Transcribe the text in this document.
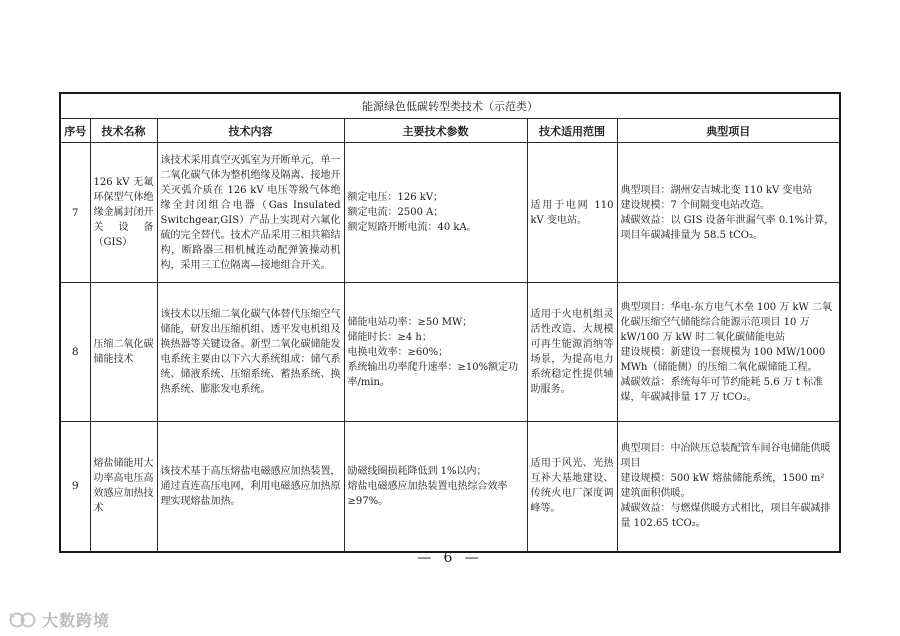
能源绿色低碳转型类技术（示范类）					
序号	技术名称	技术内容	主要技术参数	技术适用范围	典型项目
7	126 kV 无氟环保型气体绝缘金属封闭开关设备（GIS）	该技术采用真空灭弧室为开断单元，单一二氧化碳气体为整机绝缘及隔离、接地开关灭弧介质在 126 kV 电压等级气体绝缘全封闭组合电器（Gas Insulated Switchgear,GIS）产品上实现对六氟化硫的完全替代。技术产品采用三相共箱结构，断路器三相机械连动配弹簧操动机构，采用三工位隔离—接地组合开关。	额定电压：126 kV；
额定电流：2500 A；
额定短路开断电流：40 kA。	适用于电网 110 kV 变电站。	典型项目：湖州安吉城北变 110 kV 变电站
建设规模：7 个间隔变电站改造。
减碳效益：以 GIS 设备年泄漏气率 0.1%计算，项目年碳减排量为 58.5 tCO₂。

8	压缩二氧化碳储能技术	该技术以压缩二氧化碳气体替代压缩空气储能，研发出压缩机组、透平发电机组及换热器等关键设备。新型二氧化碳储能发电系统主要由以下六大系统组成：储气系统、储液系统、压缩系统、蓄热系统、换热系统、膨胀发电系统。	储能电站功率：≥50 MW；
储能时长：≥4 h；
电换电效率：≥60%；
系统输出功率爬升速率：≥10%额定功率/min。	适用于火电机组灵活性改造、大规模可再生能源消纳等场景，为提高电力系统稳定性提供辅助服务。	典型项目：华电-东方电气木垒 100 万 kW 二氧化碳压缩空气储能综合能源示范项目 10 万 kW/100 万 kW 时二氧化碳储能电站
建设规模：新建设一套规模为 100 MW/1000 MWh（储能侧）的压缩二氧化碳储能工程。
减碳效益：系统每年可节约能耗 5.6 万 t 标准煤，年碳减排量 17 万 tCO₂。

9	熔盐储能用大功率高电压高效感应加热技术	该技术基于高压熔盐电磁感应加热装置，通过直连高压电网，利用电磁感应加热原理实现熔盐加热。	励磁线圈损耗降低到 1%以内；
熔盐电磁感应加热装置电热综合效率≥97%。	适用于风光、光热互补大基地建设、传统火电厂深度调峰等。	典型项目：中冶陕压总装配管车间谷电储能供暖项目
建设规模：500 kW 熔盐储能系统，1500 m² 建筑面积供暖。
减碳效益：与燃煤供暖方式相比，项目年碳减排量 102.65 tCO₂。
— 6 —
大数跨境
